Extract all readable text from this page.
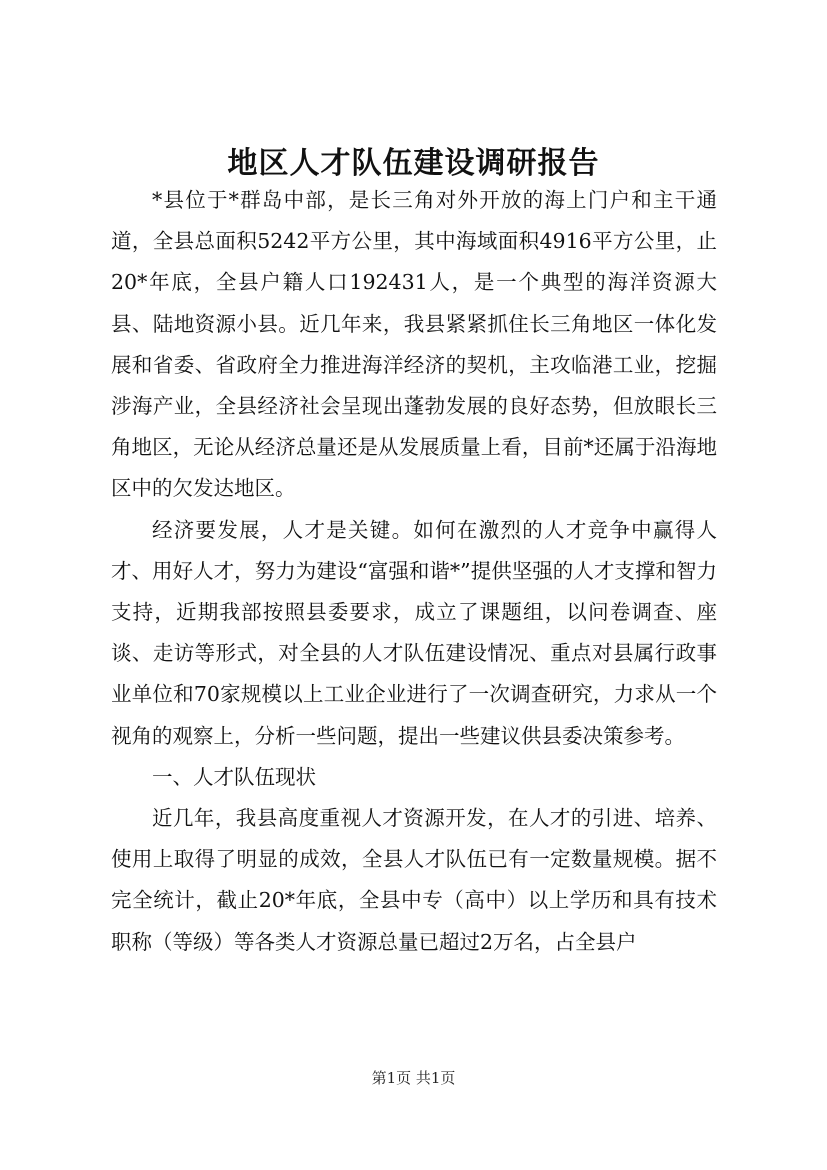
地区人才队伍建设调研报告

*县位于*群岛中部，是长三角对外开放的海上门户和主干通道，全县总面积5242平方公里，其中海域面积4916平方公里，止20*年底，全县户籍人口192431人，是一个典型的海洋资源大县、陆地资源小县。近几年来，我县紧紧抓住长三角地区一体化发展和省委、省政府全力推进海洋经济的契机，主攻临港工业，挖掘涉海产业，全县经济社会呈现出蓬勃发展的良好态势，但放眼长三角地区，无论从经济总量还是从发展质量上看，目前*还属于沿海地区中的欠发达地区。

经济要发展，人才是关键。如何在激烈的人才竞争中赢得人才、用好人才，努力为建设“富强和谐*”提供坚强的人才支撑和智力支持，近期我部按照县委要求，成立了课题组，以问卷调查、座谈、走访等形式，对全县的人才队伍建设情况、重点对县属行政事业单位和70家规模以上工业企业进行了一次调查研究，力求从一个视角的观察上，分析一些问题，提出一些建议供县委决策参考。

一、人才队伍现状

近几年，我县高度重视人才资源开发，在人才的引进、培养、使用上取得了明显的成效，全县人才队伍已有一定数量规模。据不完全统计，截止20*年底，全县中专（高中）以上学历和具有技术职称（等级）等各类人才资源总量已超过2万名，占全县户

第1页 共1页
